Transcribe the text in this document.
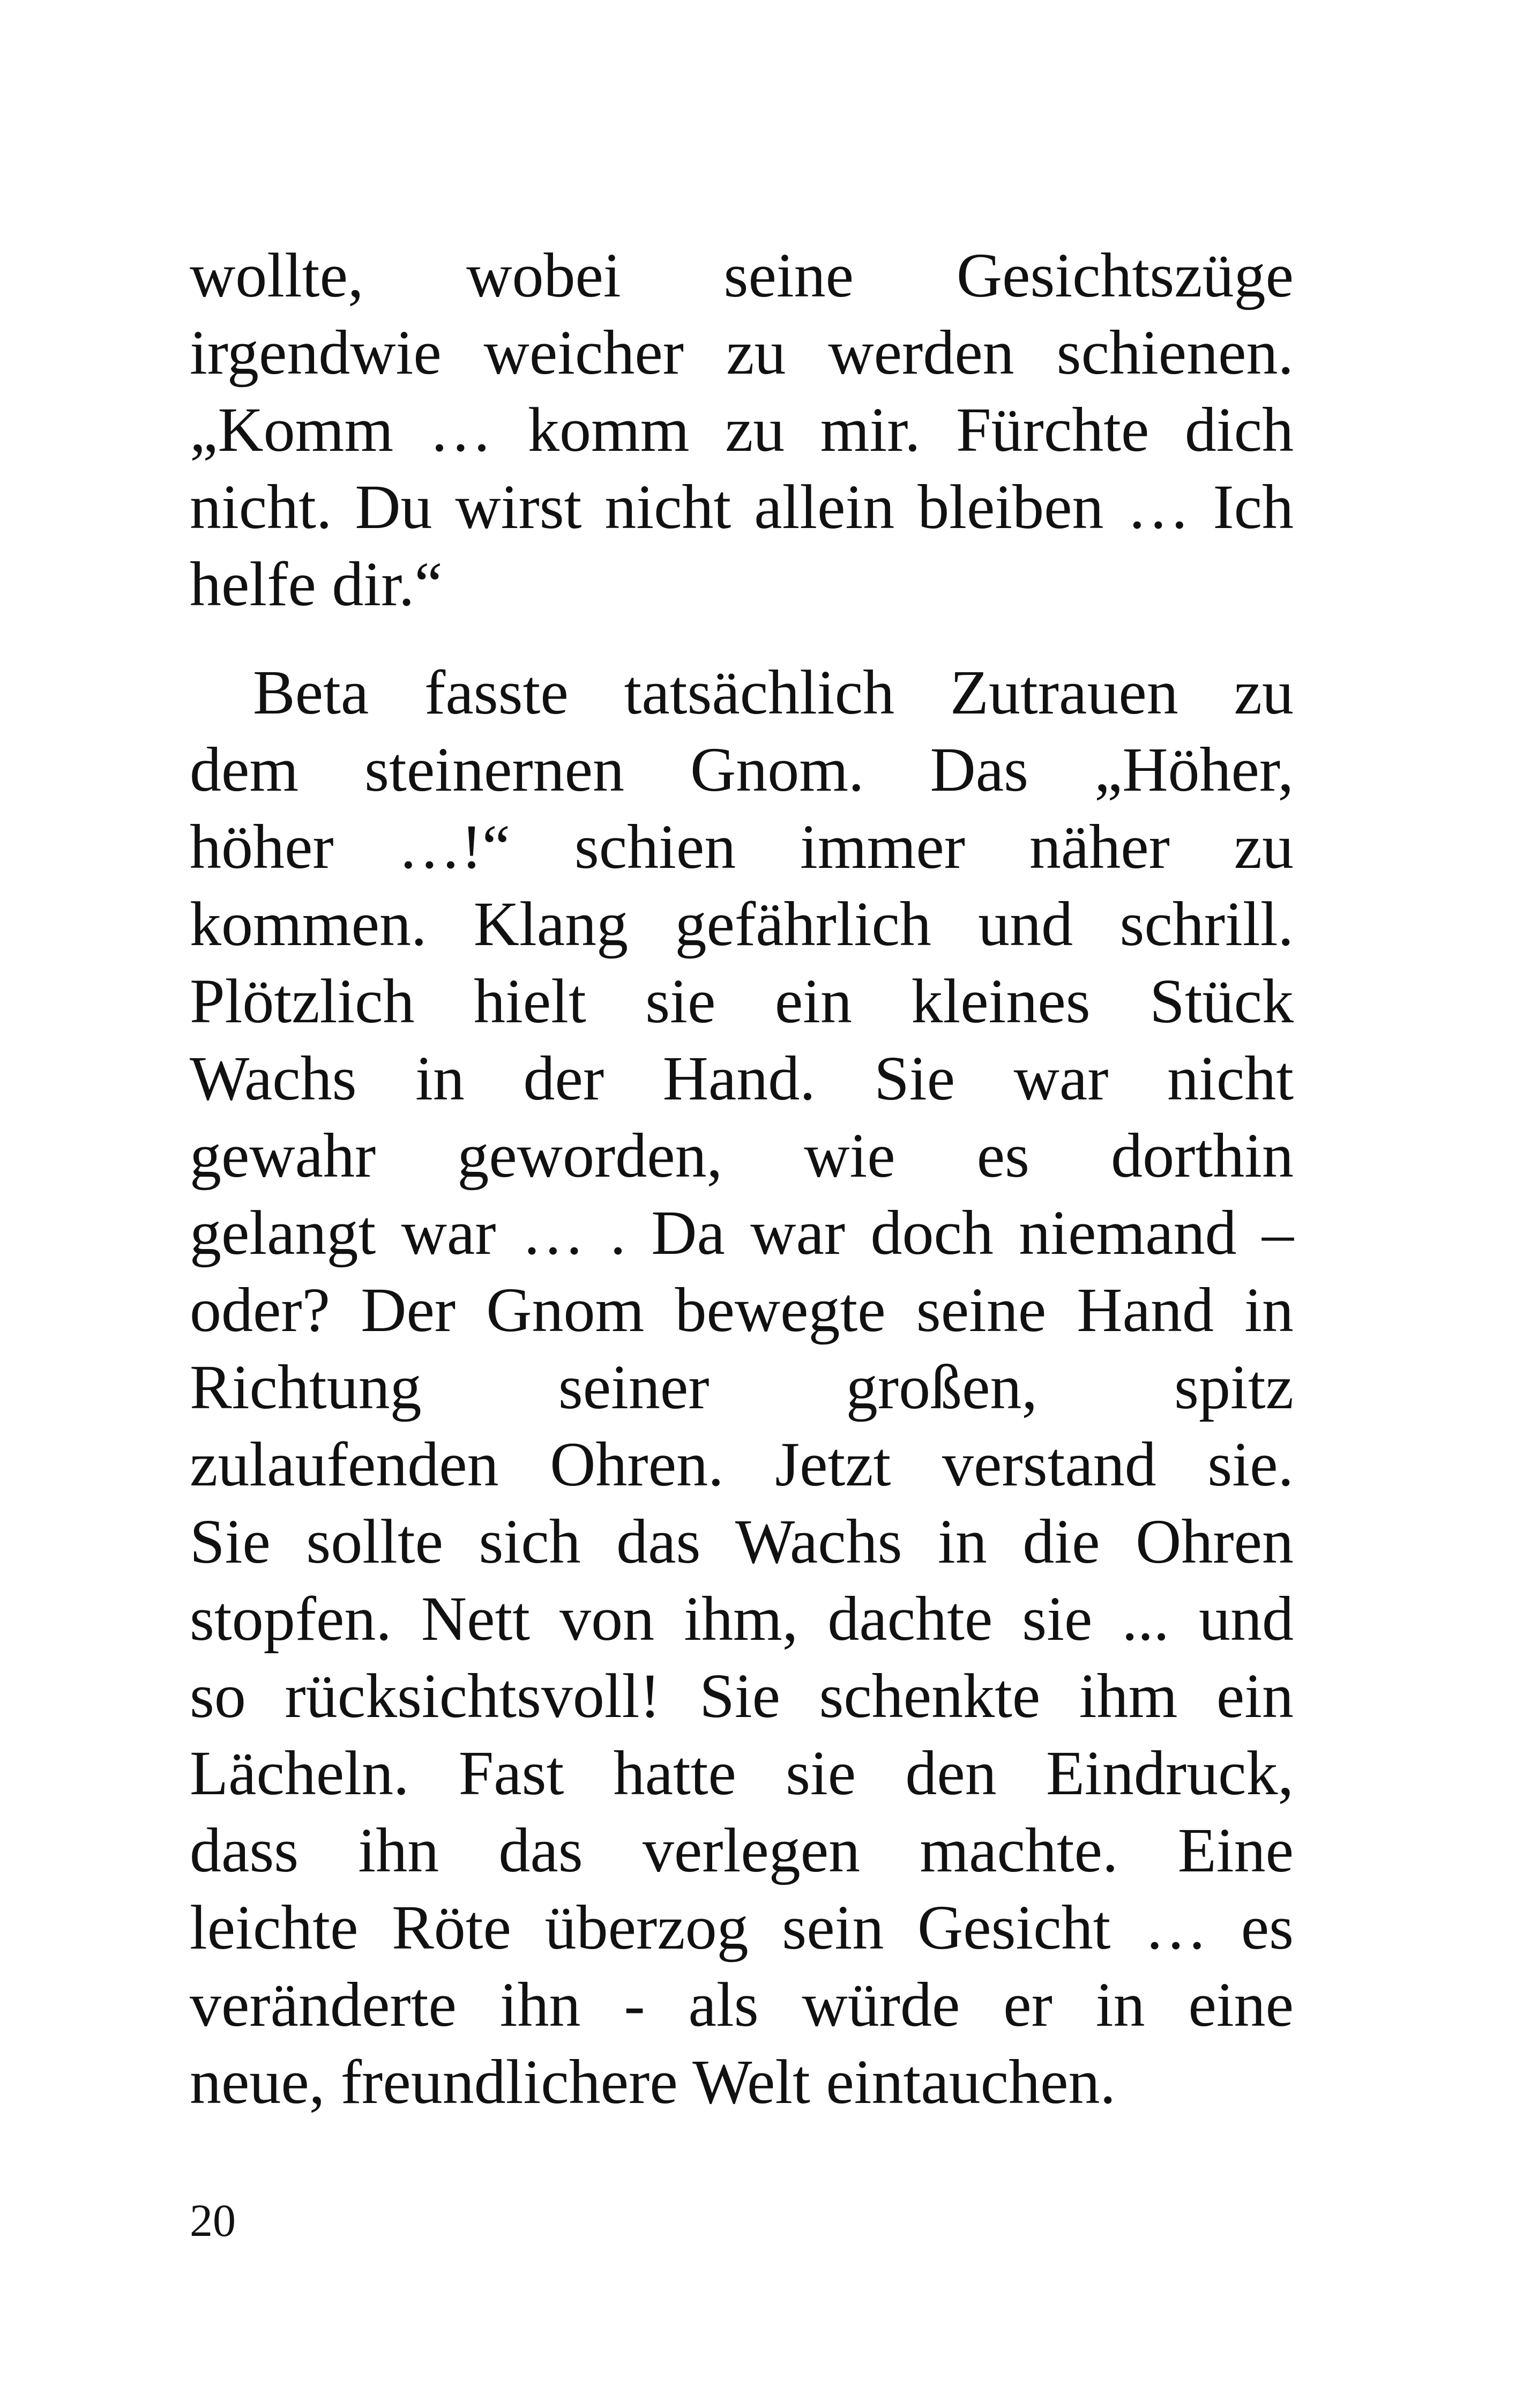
wollte, wobei seine Gesichtszüge
irgendwie weicher zu werden schienen.
„Komm … komm zu mir. Fürchte dich
nicht. Du wirst nicht allein bleiben … Ich
helfe dir.“
Beta fasste tatsächlich Zutrauen zu
dem steinernen Gnom. Das „Höher,
höher …!“ schien immer näher zu
kommen. Klang gefährlich und schrill.
Plötzlich hielt sie ein kleines Stück
Wachs in der Hand. Sie war nicht
gewahr geworden, wie es dorthin
gelangt war … . Da war doch niemand –
oder? Der Gnom bewegte seine Hand in
Richtung seiner großen, spitz
zulaufenden Ohren. Jetzt verstand sie.
Sie sollte sich das Wachs in die Ohren
stopfen. Nett von ihm, dachte sie ... und
so rücksichtsvoll! Sie schenkte ihm ein
Lächeln. Fast hatte sie den Eindruck,
dass ihn das verlegen machte. Eine
leichte Röte überzog sein Gesicht … es
veränderte ihn - als würde er in eine
neue, freundlichere Welt eintauchen.
20
